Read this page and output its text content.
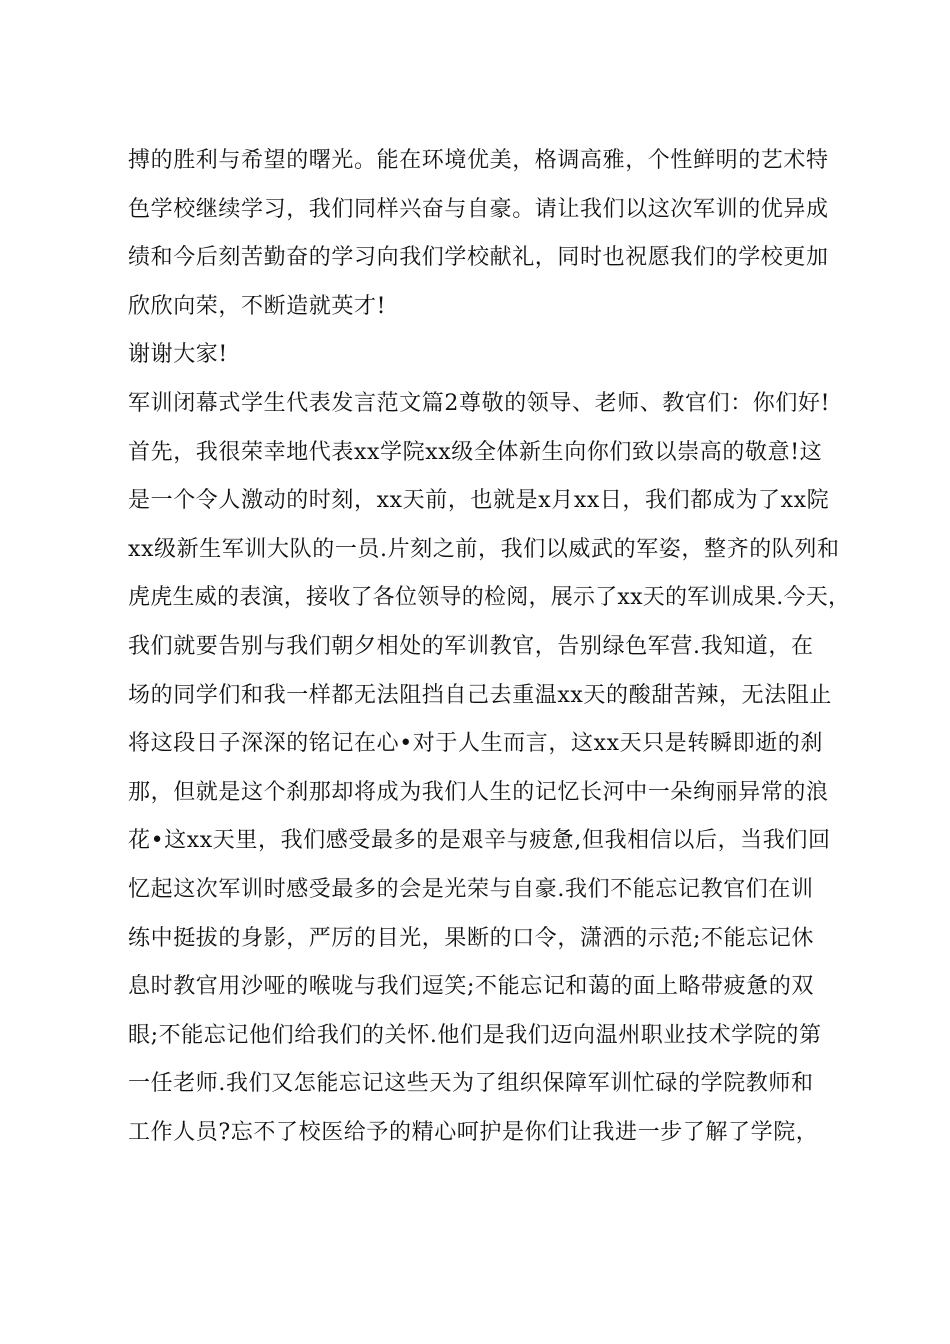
搏的胜利与希望的曙光。能在环境优美，格调高雅，个性鲜明的艺术特
色学校继续学习，我们同样兴奋与自豪。请让我们以这次军训的优异成
绩和今后刻苦勤奋的学习向我们学校献礼，同时也祝愿我们的学校更加
欣欣向荣，不断造就英才!
谢谢大家!
军训闭幕式学生代表发言范文篇2尊敬的领导、老师、教官们：你们好!
首先，我很荣幸地代表xx学院xx级全体新生向你们致以崇高的敬意!这
是一个令人激动的时刻，xx天前，也就是x月xx日，我们都成为了xx院
xx级新生军训大队的一员.片刻之前，我们以威武的军姿，整齐的队列和
虎虎生威的表演，接收了各位领导的检阅，展示了xx天的军训成果.今天，
我们就要告别与我们朝夕相处的军训教官，告别绿色军营.我知道，在
场的同学们和我一样都无法阻挡自己去重温xx天的酸甜苦辣，无法阻止
将这段日子深深的铭记在心•对于人生而言，这xx天只是转瞬即逝的刹
那，但就是这个刹那却将成为我们人生的记忆长河中一朵绚丽异常的浪
花•这xx天里，我们感受最多的是艰辛与疲惫,但我相信以后，当我们回
忆起这次军训时感受最多的会是光荣与自豪.我们不能忘记教官们在训
练中挺拔的身影，严厉的目光，果断的口令，潇洒的示范;不能忘记休
息时教官用沙哑的喉咙与我们逗笑;不能忘记和蔼的面上略带疲惫的双
眼;不能忘记他们给我们的关怀.他们是我们迈向温州职业技术学院的第
一任老师.我们又怎能忘记这些天为了组织保障军训忙碌的学院教师和
工作人员?忘不了校医给予的精心呵护是你们让我进一步了解了学院，
